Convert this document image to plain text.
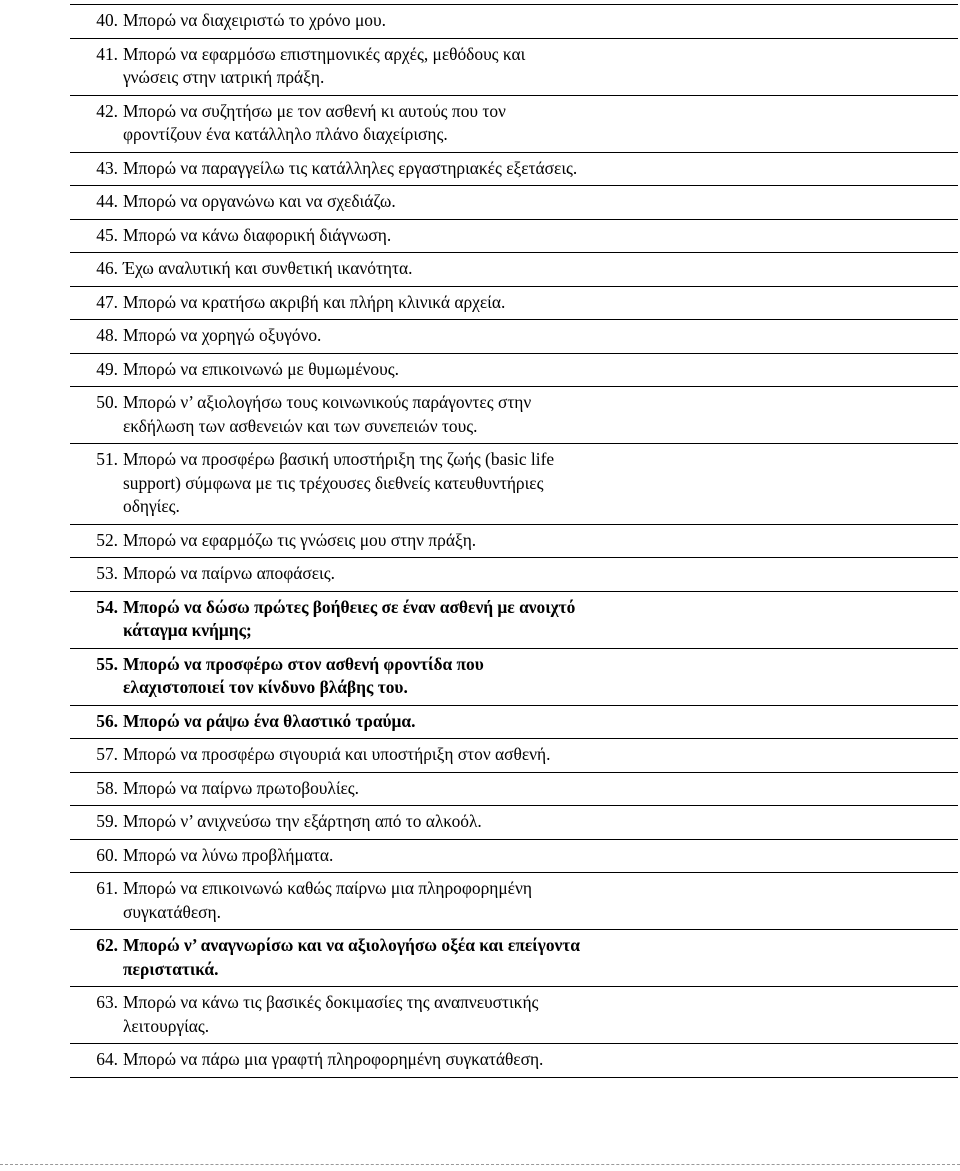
40. Μπορώ να διαχειριστώ το χρόνο μου.
41. Μπορώ να εφαρμόσω επιστημονικές αρχές, μεθόδους και γνώσεις στην ιατρική πράξη.
42. Μπορώ να συζητήσω με τον ασθενή κι αυτούς που τον φροντίζουν ένα κατάλληλο πλάνο διαχείρισης.
43. Μπορώ να παραγγείλω τις κατάλληλες εργαστηριακές εξετάσεις.
44. Μπορώ να οργανώνω και να σχεδιάζω.
45. Μπορώ να κάνω διαφορική διάγνωση.
46. Έχω αναλυτική και συνθετική ικανότητα.
47. Μπορώ να κρατήσω ακριβή και πλήρη κλινικά αρχεία.
48. Μπορώ να χορηγώ οξυγόνο.
49. Μπορώ να επικοινωνώ με θυμωμένους.
50. Μπορώ ν’ αξιολογήσω τους κοινωνικούς παράγοντες στην εκδήλωση των ασθενειών και των συνεπειών τους.
51. Μπορώ να προσφέρω βασική υποστήριξη της ζωής (basic life support) σύμφωνα με τις τρέχουσες διεθνείς κατευθυντήριες οδηγίες.
52. Μπορώ να εφαρμόζω τις γνώσεις μου στην πράξη.
53. Μπορώ να παίρνω αποφάσεις.
54. Μπορώ να δώσω πρώτες βοήθειες σε έναν ασθενή με ανοιχτό κάταγμα κνήμης;
55. Μπορώ να προσφέρω στον ασθενή φροντίδα που ελαχιστοποιεί τον κίνδυνο βλάβης του.
56. Μπορώ να ράψω ένα θλαστικό τραύμα.
57. Μπορώ να προσφέρω σιγουριά και υποστήριξη στον ασθενή.
58. Μπορώ να παίρνω πρωτοβουλίες.
59. Μπορώ ν’ ανιχνεύσω την εξάρτηση από το αλκοόλ.
60. Μπορώ να λύνω προβλήματα.
61. Μπορώ να επικοινωνώ καθώς παίρνω μια πληροφορημένη συγκατάθεση.
62. Μπορώ ν’ αναγνωρίσω και να αξιολογήσω οξέα και επείγοντα περιστατικά.
63. Μπορώ να κάνω τις βασικές δοκιμασίες της αναπνευστικής λειτουργίας.
64. Μπορώ να πάρω μια γραφτή πληροφορημένη συγκατάθεση.
